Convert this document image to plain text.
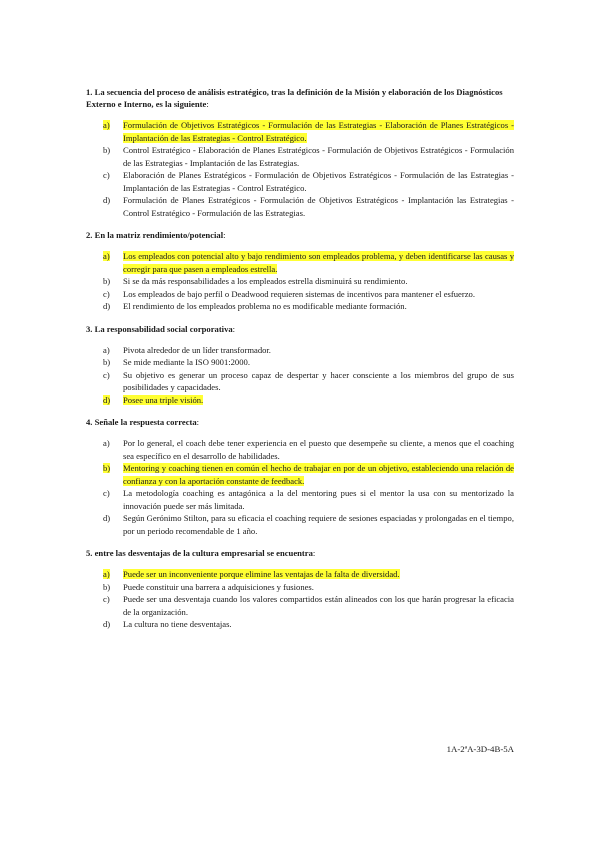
1. La secuencia del proceso de análisis estratégico, tras la definición de la Misión y elaboración de los Diagnósticos Externo e Interno, es la siguiente:

a)	Formulación de Objetivos Estratégicos - Formulación de las Estrategias - Elaboración de Planes Estratégicos - Implantación de las Estrategias - Control Estratégico.
b)	Control Estratégico - Elaboración de Planes Estratégicos - Formulación de Objetivos Estratégicos - Formulación de las Estrategias - Implantación de las Estrategias.
c)	Elaboración de Planes Estratégicos - Formulación de Objetivos Estratégicos - Formulación de las Estrategias - Implantación de las Estrategias - Control Estratégico.
d)	Formulación de Planes Estratégicos - Formulación de Objetivos Estratégicos - Implantación las Estrategias - Control Estratégico - Formulación de las Estrategias.

2. En la matriz rendimiento/potencial:

a)	Los empleados con potencial alto y bajo rendimiento son empleados problema, y deben identificarse las causas y corregir para que pasen a empleados estrella.
b)	Si se da más responsabilidades a los empleados estrella disminuirá su rendimiento.
c)	Los empleados de bajo perfil o Deadwood requieren sistemas de incentivos para mantener el esfuerzo.
d)	El rendimiento de los empleados problema no es modificable mediante formación.

3. La responsabilidad social corporativa:

a)	Pivota alrededor de un líder transformador.
b)	Se mide mediante la ISO 9001:2000.
c)	Su objetivo es generar un proceso capaz de despertar y hacer consciente a los miembros del grupo de sus posibilidades y capacidades.
d)	Posee una triple visión.

4. Señale la respuesta correcta:

a)	Por lo general, el coach debe tener experiencia en el puesto que desempeñe su cliente, a menos que el coaching sea específico en el desarrollo de habilidades.
b)	Mentoring y coaching tienen en común el hecho de trabajar en por de un objetivo, estableciendo una relación de confianza y con la aportación constante de feedback.
c)	La metodología coaching es antagónica a la del mentoring pues si el mentor la usa con su mentorizado la innovación puede ser más limitada.
d)	Según Gerónimo Stilton, para su eficacia el coaching requiere de sesiones espaciadas y prolongadas en el tiempo, por un periodo recomendable de 1 año.

5. entre las desventajas de la cultura empresarial se encuentra:

a)	Puede ser un inconveniente porque elimine las ventajas de la falta de diversidad.
b)	Puede constituir una barrera a adquisiciones y fusiones.
c)	Puede ser una desventaja cuando los valores compartidos están alineados con los que harán progresar la eficacia de la organización.
d)	La cultura no tiene desventajas.
1A-2ªA-3D-4B-5A
